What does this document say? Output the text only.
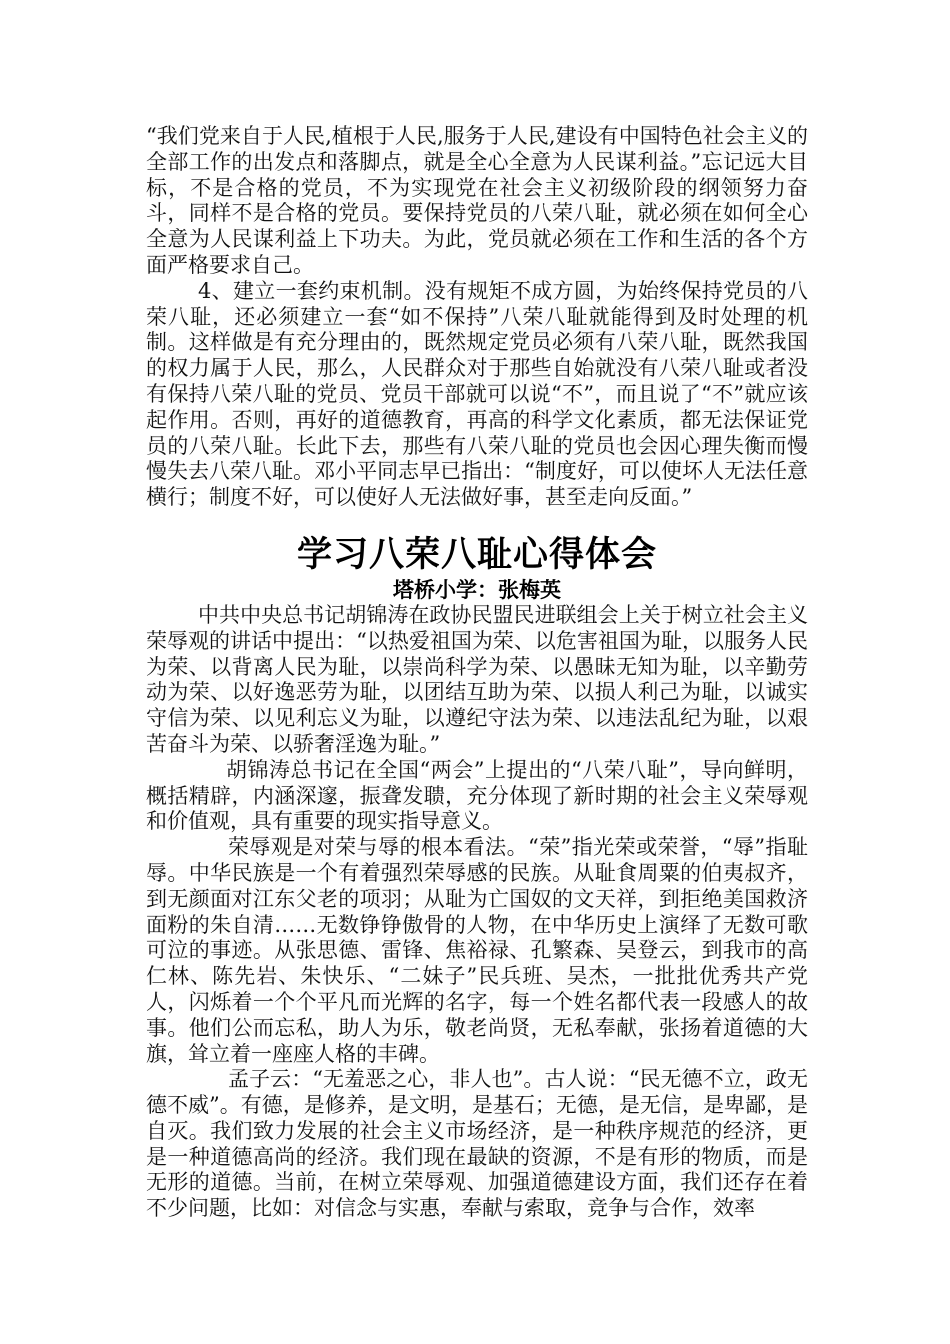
“我们党来自于人民,植根于人民,服务于人民,建设有中国特色社会主义的全部工作的出发点和落脚点，就是全心全意为人民谋利益。”忘记远大目标，不是合格的党员，不为实现党在社会主义初级阶段的纲领努力奋斗，同样不是合格的党员。要保持党员的八荣八耻，就必须在如何全心全意为人民谋利益上下功夫。为此，党员就必须在工作和生活的各个方面严格要求自己。

4、建立一套约束机制。没有规矩不成方圆，为始终保持党员的八荣八耻，还必须建立一套“如不保持”八荣八耻就能得到及时处理的机制。这样做是有充分理由的，既然规定党员必须有八荣八耻，既然我国的权力属于人民，那么，人民群众对于那些自始就没有八荣八耻或者没有保持八荣八耻的党员、党员干部就可以说“不”，而且说了“不”就应该起作用。否则，再好的道德教育，再高的科学文化素质，都无法保证党员的八荣八耻。长此下去，那些有八荣八耻的党员也会因心理失衡而慢慢失去八荣八耻。邓小平同志早已指出：“制度好，可以使坏人无法任意横行；制度不好，可以使好人无法做好事，甚至走向反面。”

学习八荣八耻心得体会
塔桥小学：张梅英

中共中央总书记胡锦涛在政协民盟民进联组会上关于树立社会主义荣辱观的讲话中提出：“以热爱祖国为荣、以危害祖国为耻，以服务人民为荣、以背离人民为耻，以崇尚科学为荣、以愚昧无知为耻，以辛勤劳动为荣、以好逸恶劳为耻，以团结互助为荣、以损人利己为耻，以诚实守信为荣、以见利忘义为耻，以遵纪守法为荣、以违法乱纪为耻，以艰苦奋斗为荣、以骄奢淫逸为耻。”

胡锦涛总书记在全国“两会”上提出的“八荣八耻”，导向鲜明，概括精辟，内涵深邃，振聋发聩，充分体现了新时期的社会主义荣辱观和价值观，具有重要的现实指导意义。

荣辱观是对荣与辱的根本看法。“荣”指光荣或荣誉，“辱”指耻辱。中华民族是一个有着强烈荣辱感的民族。从耻食周粟的伯夷叔齐，到无颜面对江东父老的项羽；从耻为亡国奴的文天祥，到拒绝美国救济面粉的朱自清……无数铮铮傲骨的人物，在中华历史上演绎了无数可歌可泣的事迹。从张思德、雷锋、焦裕禄、孔繁森、吴登云，到我市的高仁林、陈先岩、朱快乐、“二妹子”民兵班、吴杰，一批批优秀共产党人，闪烁着一个个平凡而光辉的名字，每一个姓名都代表一段感人的故事。他们公而忘私，助人为乐，敬老尚贤，无私奉献，张扬着道德的大旗，耸立着一座座人格的丰碑。

孟子云：“无羞恶之心，非人也”。古人说：“民无德不立，政无德不威”。有德，是修养，是文明，是基石；无德，是无信，是卑鄙，是自灭。我们致力发展的社会主义市场经济，是一种秩序规范的经济，更是一种道德高尚的经济。我们现在最缺的资源，不是有形的物质，而是无形的道德。当前，在树立荣辱观、加强道德建设方面，我们还存在着不少问题，比如：对信念与实惠，奉献与索取，竞争与合作，效率
